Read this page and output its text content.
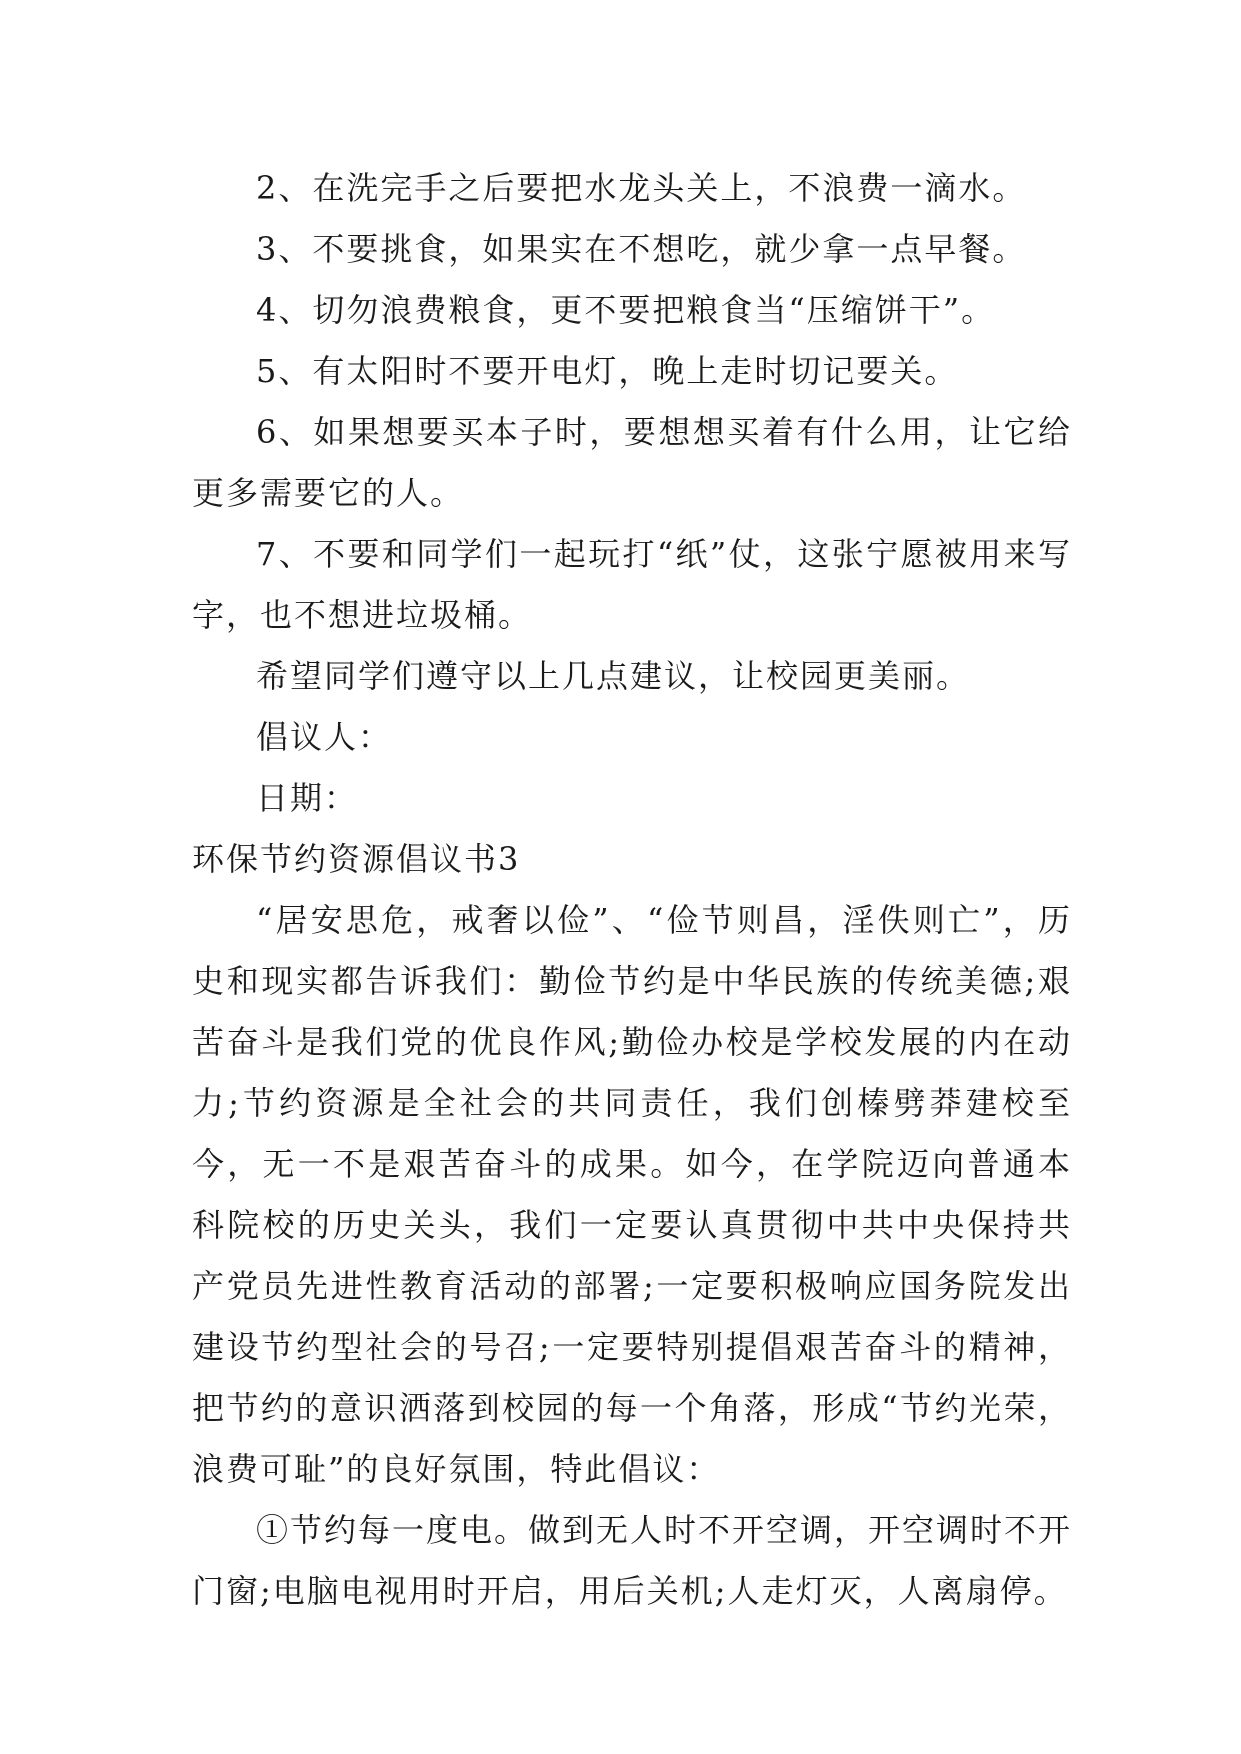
2、在洗完手之后要把水龙头关上，不浪费一滴水。

3、不要挑食，如果实在不想吃，就少拿一点早餐。

4、切勿浪费粮食，更不要把粮食当“压缩饼干”。

5、有太阳时不要开电灯，晚上走时切记要关。

6、如果想要买本子时，要想想买着有什么用，让它给更多需要它的人。

7、不要和同学们一起玩打“纸”仗，这张宁愿被用来写字，也不想进垃圾桶。

希望同学们遵守以上几点建议，让校园更美丽。

倡议人：

日期：

环保节约资源倡议书3

“居安思危，戒奢以俭”、“俭节则昌，淫佚则亡”，历史和现实都告诉我们：勤俭节约是中华民族的传统美德;艰苦奋斗是我们党的优良作风;勤俭办校是学校发展的内在动力;节约资源是全社会的共同责任，我们创榛劈莽建校至今，无一不是艰苦奋斗的成果。如今，在学院迈向普通本科院校的历史关头，我们一定要认真贯彻中共中央保持共产党员先进性教育活动的部署;一定要积极响应国务院发出建设节约型社会的号召;一定要特别提倡艰苦奋斗的精神，把节约的意识洒落到校园的每一个角落，形成“节约光荣，浪费可耻”的良好氛围，特此倡议：

①节约每一度电。做到无人时不开空调，开空调时不开门窗;电脑电视用时开启，用后关机;人走灯灭，人离扇停。
